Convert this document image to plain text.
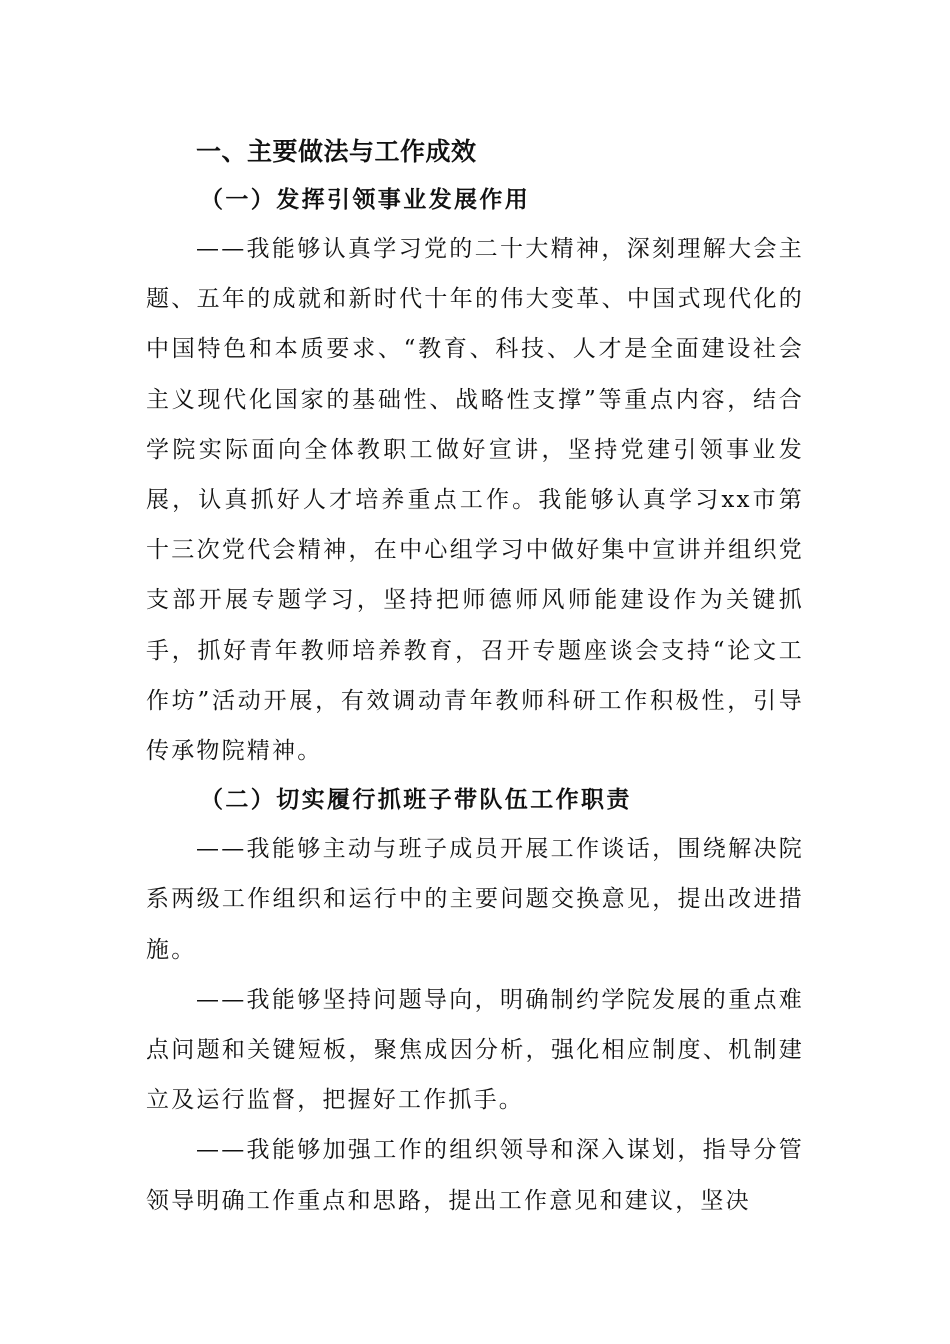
一、主要做法与工作成效
（一）发挥引领事业发展作用

——我能够认真学习党的二十大精神，深刻理解大会主题、五年的成就和新时代十年的伟大变革、中国式现代化的中国特色和本质要求、“教育、科技、人才是全面建设社会主义现代化国家的基础性、战略性支撑”等重点内容，结合学院实际面向全体教职工做好宣讲，坚持党建引领事业发展，认真抓好人才培养重点工作。我能够认真学习xx市第十三次党代会精神，在中心组学习中做好集中宣讲并组织党支部开展专题学习，坚持把师德师风师能建设作为关键抓手，抓好青年教师培养教育，召开专题座谈会支持“论文工作坊”活动开展，有效调动青年教师科研工作积极性，引导传承物院精神。

（二）切实履行抓班子带队伍工作职责

——我能够主动与班子成员开展工作谈话，围绕解决院系两级工作组织和运行中的主要问题交换意见，提出改进措施。

——我能够坚持问题导向，明确制约学院发展的重点难点问题和关键短板，聚焦成因分析，强化相应制度、机制建立及运行监督，把握好工作抓手。

——我能够加强工作的组织领导和深入谋划，指导分管领导明确工作重点和思路，提出工作意见和建议，坚决
